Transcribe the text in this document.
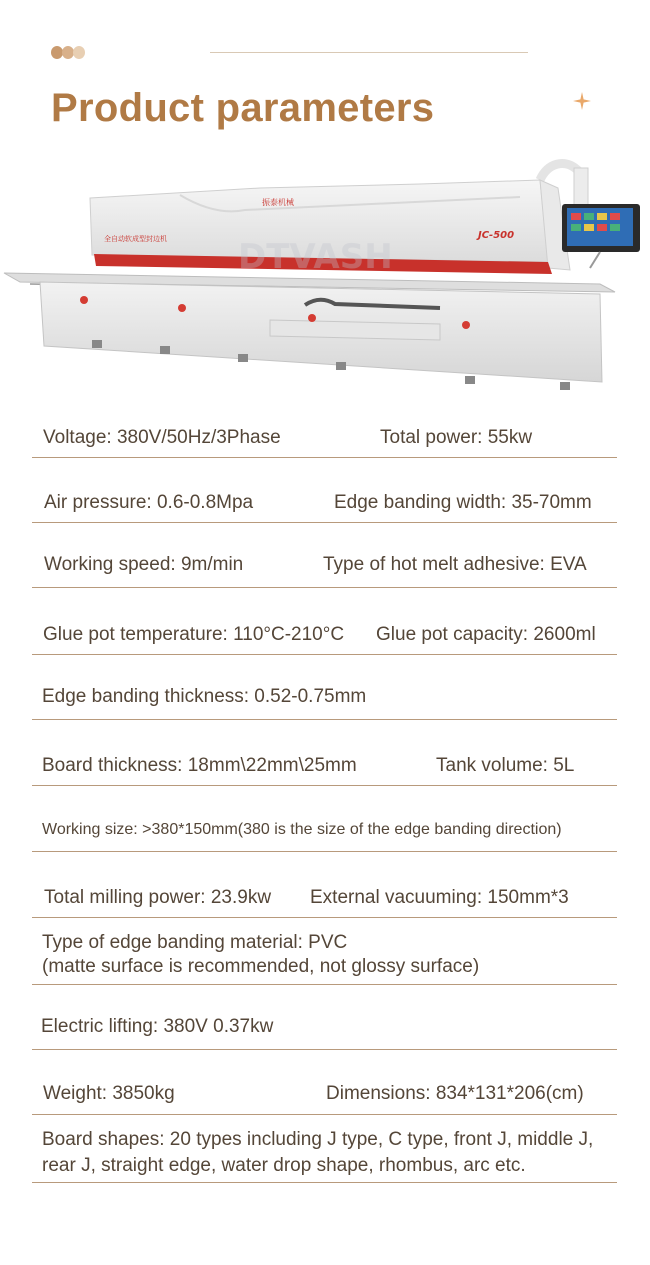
Product parameters
振泰机械
全自动软成型封边机	JC-500
DTVASH
Voltage: 380V/50Hz/3Phase	Total power: 55kw
Air pressure: 0.6-0.8Mpa	Edge banding width: 35-70mm
Working speed: 9m/min	Type of hot melt adhesive: EVA
Glue pot temperature: 110°C-210°C Glue pot capacity: 2600ml
Edge banding thickness: 0.52-0.75mm
Board thickness: 18mm\22mm\25mm	Tank volume: 5L
Working size: >380*150mm(380 is the size of the edge banding direction)
Total milling power: 23.9kw External vacuuming: 150mm*3
Type of edge banding material: PVC
(matte surface is recommended, not glossy surface)
Electric lifting: 380V 0.37kw
Weight: 3850kg	Dimensions: 834*131*206(cm)
Board shapes: 20 types including J type, C type, front J, middle J,
rear J, straight edge, water drop shape, rhombus, arc etc.
